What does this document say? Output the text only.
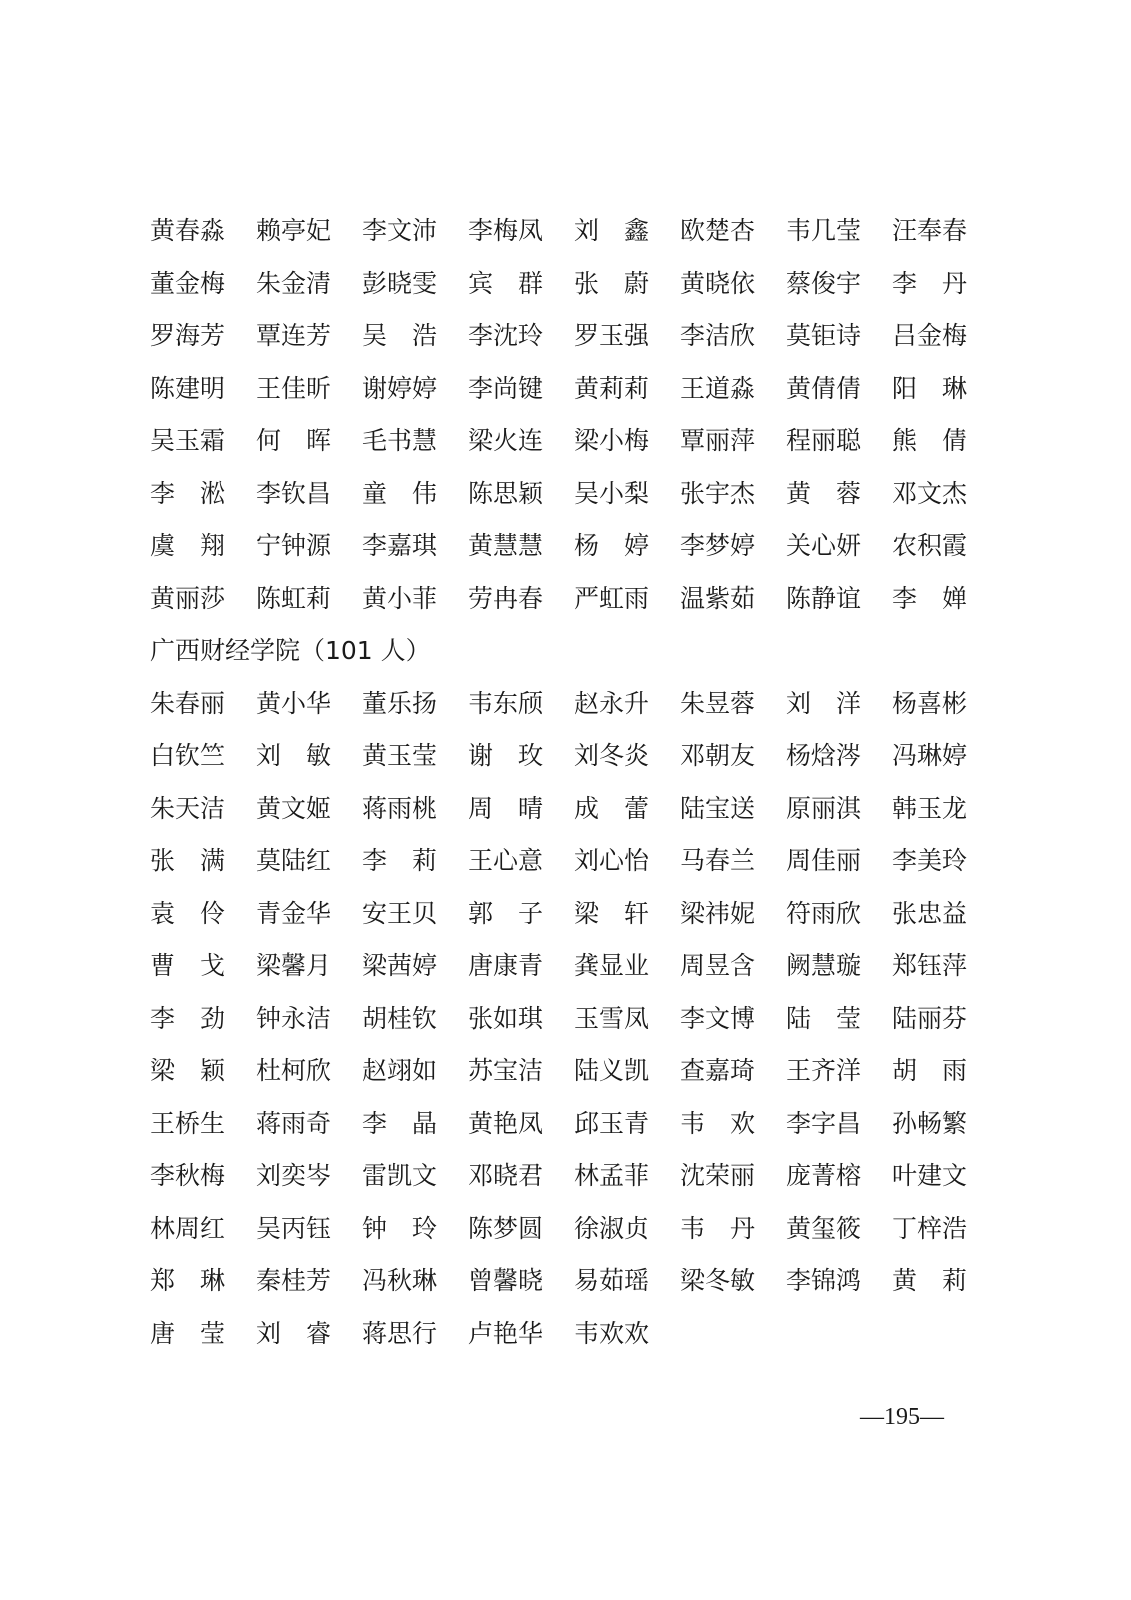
黄春淼	赖亭妃	李文沛	李梅凤	刘　鑫	欧楚杏	韦几莹	汪奉春
董金梅	朱金清	彭晓雯	宾　群	张　蔚	黄晓依	蔡俊宇	李　丹
罗海芳	覃连芳	吴　浩	李沈玲	罗玉强	李洁欣	莫钜诗	吕金梅
陈建明	王佳昕	谢婷婷	李尚键	黄莉莉	王道淼	黄倩倩	阳　琳
吴玉霜	何　晖	毛书慧	梁火连	梁小梅	覃丽萍	程丽聪	熊　倩
李　淞	李钦昌	童　伟	陈思颖	吴小梨	张宇杰	黄　蓉	邓文杰
虞　翔	宁钟源	李嘉琪	黄慧慧	杨　婷	李梦婷	关心妍	农积霞
黄丽莎	陈虹莉	黄小菲	劳冉春	严虹雨	温紫茹	陈静谊	李　婵
广西财经学院（101 人）
朱春丽	黄小华	董乐扬	韦东颀	赵永升	朱昱蓉	刘　洋	杨喜彬
白钦竺	刘　敏	黄玉莹	谢　玫	刘冬炎	邓朝友	杨焓涔	冯琳婷
朱天洁	黄文姬	蒋雨桃	周　晴	成　蕾	陆宝送	原丽淇	韩玉龙
张　满	莫陆红	李　莉	王心意	刘心怡	马春兰	周佳丽	李美玲
袁　伶	青金华	安王贝	郭　子	梁　轩	梁祎妮	符雨欣	张忠益
曹　戈	梁馨月	梁茜婷	唐康青	龚显业	周昱含	阙慧璇	郑钰萍
李　劲	钟永洁	胡桂钦	张如琪	玉雪凤	李文博	陆　莹	陆丽芬
梁　颖	杜柯欣	赵翊如	苏宝洁	陆义凯	查嘉琦	王齐洋	胡　雨
王桥生	蒋雨奇	李　晶	黄艳凤	邱玉青	韦　欢	李字昌	孙畅繁
李秋梅	刘奕岑	雷凯文	邓晓君	林孟菲	沈荣丽	庞菁榕	叶建文
林周红	吴丙钰	钟　玲	陈梦圆	徐淑贞	韦　丹	黄玺筱	丁梓浩
郑　琳	秦桂芳	冯秋琳	曾馨晓	易茹瑶	梁冬敏	李锦鸿	黄　莉
唐　莹	刘　睿	蒋思行	卢艳华	韦欢欢
—195—
